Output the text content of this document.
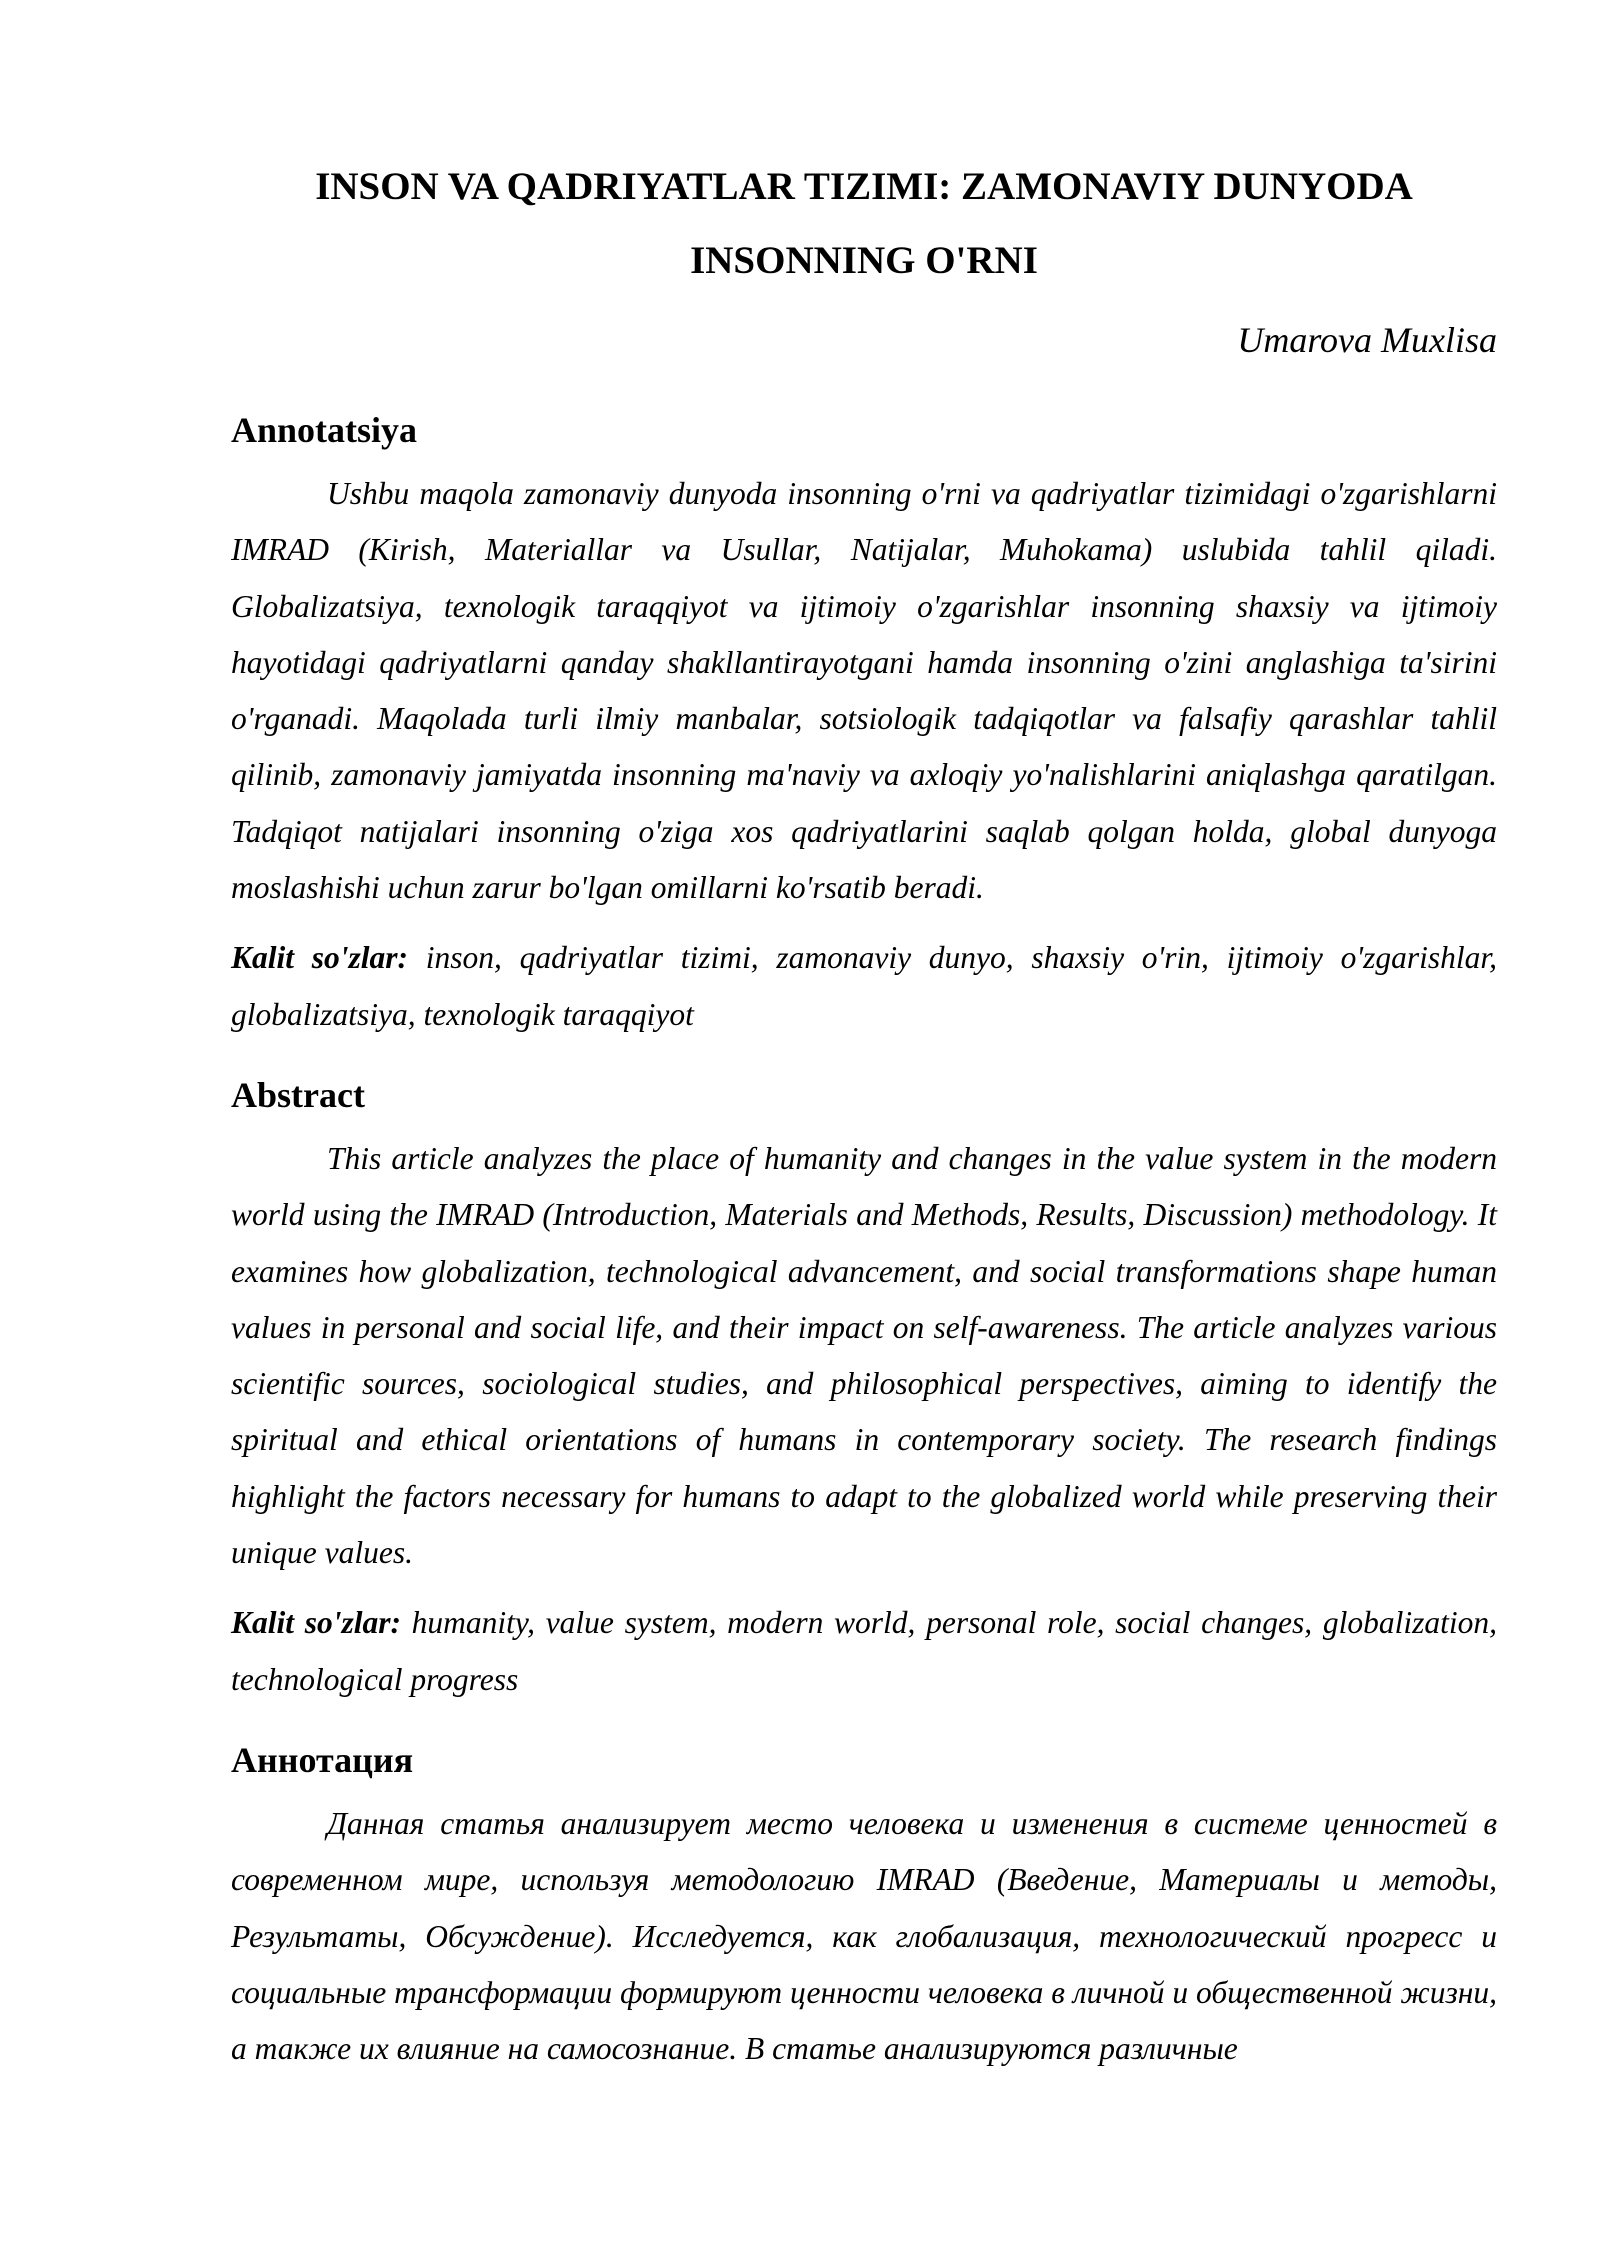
INSON VA QADRIYATLAR TIZIMI: ZAMONAVIY DUNYODA INSONNING O'RNI

Umarova Muxlisa

Annotatsiya

Ushbu maqola zamonaviy dunyoda insonning o'rni va qadriyatlar tizimidagi o'zgarishlarni IMRAD (Kirish, Materiallar va Usullar, Natijalar, Muhokama) uslubida tahlil qiladi. Globalizatsiya, texnologik taraqqiyot va ijtimoiy o'zgarishlar insonning shaxsiy va ijtimoiy hayotidagi qadriyatlarni qanday shakllantirayotgani hamda insonning o'zini anglashiga ta'sirini o'rganadi. Maqolada turli ilmiy manbalar, sotsiologik tadqiqotlar va falsafiy qarashlar tahlil qilinib, zamonaviy jamiyatda insonning ma'naviy va axloqiy yo'nalishlarini aniqlashga qaratilgan. Tadqiqot natijalari insonning o'ziga xos qadriyatlarini saqlab qolgan holda, global dunyoga moslashishi uchun zarur bo'lgan omillarni ko'rsatib beradi.

Kalit so'zlar: inson, qadriyatlar tizimi, zamonaviy dunyo, shaxsiy o'rin, ijtimoiy o'zgarishlar, globalizatsiya, texnologik taraqqiyot

Abstract

This article analyzes the place of humanity and changes in the value system in the modern world using the IMRAD (Introduction, Materials and Methods, Results, Discussion) methodology. It examines how globalization, technological advancement, and social transformations shape human values in personal and social life, and their impact on self-awareness. The article analyzes various scientific sources, sociological studies, and philosophical perspectives, aiming to identify the spiritual and ethical orientations of humans in contemporary society. The research findings highlight the factors necessary for humans to adapt to the globalized world while preserving their unique values.

Kalit so'zlar: humanity, value system, modern world, personal role, social changes, globalization, technological progress

Аннотация

Данная статья анализирует место человека и изменения в системе ценностей в современном мире, используя методологию IMRAD (Введение, Материалы и методы, Результаты, Обсуждение). Исследуется, как глобализация, технологический прогресс и социальные трансформации формируют ценности человека в личной и общественной жизни, а также их влияние на самосознание. В статье анализируются различные
